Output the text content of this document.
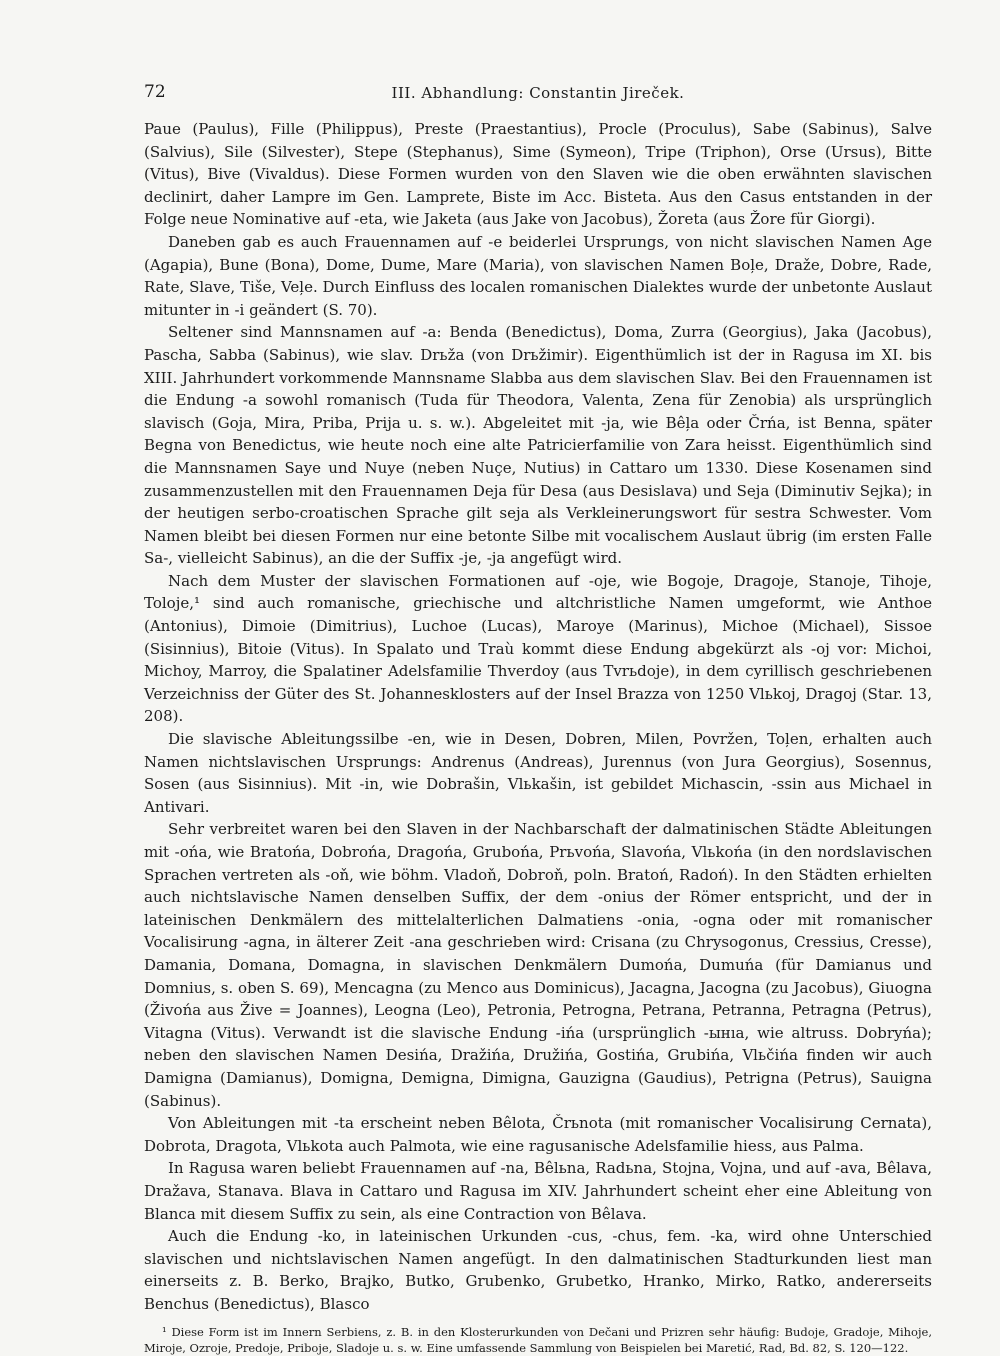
72	III. Abhandlung: Constantin Jireček.

Paue (Paulus), Fille (Philippus), Preste (Praestantius), Procle (Proculus), Sabe (Sabinus), Salve (Salvius), Sile (Silvester), Stepe (Stephanus), Sime (Symeon), Tripe (Triphon), Orse (Ursus), Bitte (Vitus), Bive (Vivaldus). Diese Formen wurden von den Slaven wie die oben erwähnten slavischen declinirt, daher Lampre im Gen. Lamprete, Biste im Acc. Bisteta. Aus den Casus entstanden in der Folge neue Nominative auf -eta, wie Jaketa (aus Jake von Jacobus), Žoreta (aus Žore für Giorgi).

Daneben gab es auch Frauennamen auf -e beiderlei Ursprungs, von nicht slavischen Namen Age (Agapia), Bune (Bona), Dome, Dume, Mare (Maria), von slavischen Namen Boļe, Draže, Dobre, Rade, Rate, Slave, Tiše, Veļe. Durch Einfluss des localen romanischen Dialektes wurde der unbetonte Auslaut mitunter in -i geändert (S. 70).

Seltener sind Mannsnamen auf -a: Benda (Benedictus), Doma, Zurra (Georgius), Jaka (Jacobus), Pascha, Sabba (Sabinus), wie slav. Drьža (von Drьžimir). Eigenthümlich ist der in Ragusa im XI. bis XIII. Jahrhundert vorkommende Mannsname Slabba aus dem slavischen Slav. Bei den Frauennamen ist die Endung -a sowohl romanisch (Tuda für Theodora, Valenta, Zena für Zenobia) als ursprünglich slavisch (Goja, Mira, Priba, Prija u. s. w.). Abgeleitet mit -ja, wie Bêļa oder Črńa, ist Benna, später Begna von Benedictus, wie heute noch eine alte Patricierfamilie von Zara heisst. Eigenthümlich sind die Mannsnamen Saye und Nuye (neben Nuçe, Nutius) in Cattaro um 1330. Diese Kosenamen sind zusammenzustellen mit den Frauennamen Deja für Desa (aus Desislava) und Seja (Diminutiv Sejka); in der heutigen serbo-croatischen Sprache gilt seja als Verkleinerungswort für sestra Schwester. Vom Namen bleibt bei diesen Formen nur eine betonte Silbe mit vocalischem Auslaut übrig (im ersten Falle Sa-, vielleicht Sabinus), an die der Suffix -je, -ja angefügt wird.

Nach dem Muster der slavischen Formationen auf -oje, wie Bogoje, Dragoje, Stanoje, Tihoje, Toloje,¹ sind auch romanische, griechische und altchristliche Namen umgeformt, wie Anthoe (Antonius), Dimoie (Dimitrius), Luchoe (Lucas), Maroye (Marinus), Michoe (Michael), Sissoe (Sisinnius), Bitoie (Vitus). In Spalato und Traù kommt diese Endung abgekürzt als -oj vor: Michoi, Michoy, Marroy, die Spalatiner Adelsfamilie Thverdoy (aus Tvrьdoje), in dem cyrillisch geschriebenen Verzeichniss der Güter des St. Johannesklosters auf der Insel Brazza von 1250 Vlьkoj, Dragoj (Star. 13, 208).

Die slavische Ableitungssilbe -en, wie in Desen, Dobren, Milen, Povržen, Toļen, erhalten auch Namen nichtslavischen Ursprungs: Andrenus (Andreas), Jurennus (von Jura Georgius), Sosennus, Sosen (aus Sisinnius). Mit -in, wie Dobrašin, Vlьkašin, ist gebildet Michascin, -ssin aus Michael in Antivari.

Sehr verbreitet waren bei den Slaven in der Nachbarschaft der dalmatinischen Städte Ableitungen mit -ońa, wie Bratońa, Dobrońa, Dragońa, Grubońa, Prьvońa, Slavońa, Vlьkońa (in den nordslavischen Sprachen vertreten als -oň, wie böhm. Vladoň, Dobroň, poln. Bratoń, Radoń). In den Städten erhielten auch nichtslavische Namen denselben Suffix, der dem -onius der Römer entspricht, und der in lateinischen Denkmälern des mittelalterlichen Dalmatiens -onia, -ogna oder mit romanischer Vocalisirung -agna, in älterer Zeit -ana geschrieben wird: Crisana (zu Chrysogonus, Cressius, Cresse), Damania, Domana, Domagna, in slavischen Denkmälern Dumońa, Dumuńa (für Damianus und Domnius, s. oben S. 69), Mencagna (zu Menco aus Dominicus), Jacagna, Jacogna (zu Jacobus), Giuogna (Živońa aus Živе = Joannes), Leogna (Leo), Petronia, Petrogna, Petrana, Petranna, Petragna (Petrus), Vitagna (Vitus). Verwandt ist die slavische Endung -ińa (ursprünglich -ынıа, wie altruss. Dobryńa); neben den slavischen Namen Desińa, Dražińa, Družińa, Gostińa, Grubińa, Vlьčińa finden wir auch Damigna (Damianus), Domigna, Demigna, Dimigna, Gauzigna (Gaudius), Petrigna (Petrus), Sauigna (Sabinus).

Von Ableitungen mit -ta erscheint neben Bêlota, Črьnota (mit romanischer Vocalisirung Cernata), Dobrota, Dragota, Vlьkota auch Palmota, wie eine ragusanische Adelsfamilie hiess, aus Palma.

In Ragusa waren beliebt Frauennamen auf -na, Bêlьna, Radьna, Stojna, Vojna, und auf -ava, Bêlava, Dražava, Stanava. Blava in Cattaro und Ragusa im XIV. Jahrhundert scheint eher eine Ableitung von Blanca mit diesem Suffix zu sein, als eine Contraction von Bêlava.

Auch die Endung -ko, in lateinischen Urkunden -cus, -chus, fem. -ka, wird ohne Unterschied slavischen und nichtslavischen Namen angefügt. In den dalmatinischen Stadturkunden liest man einerseits z. B. Berko, Brajko, Butko, Grubenko, Grubetko, Hranko, Mirko, Ratko, andererseits Benchus (Benedictus), Blasco

¹ Diese Form ist im Innern Serbiens, z. B. in den Klosterurkunden von Dečani und Prizren sehr häufig: Budoje, Gradoje, Mihoje, Miroje, Ozroje, Predoje, Priboje, Sladoje u. s. w. Eine umfassende Sammlung von Beispielen bei Maretić, Rad, Bd. 82, S. 120—122.
